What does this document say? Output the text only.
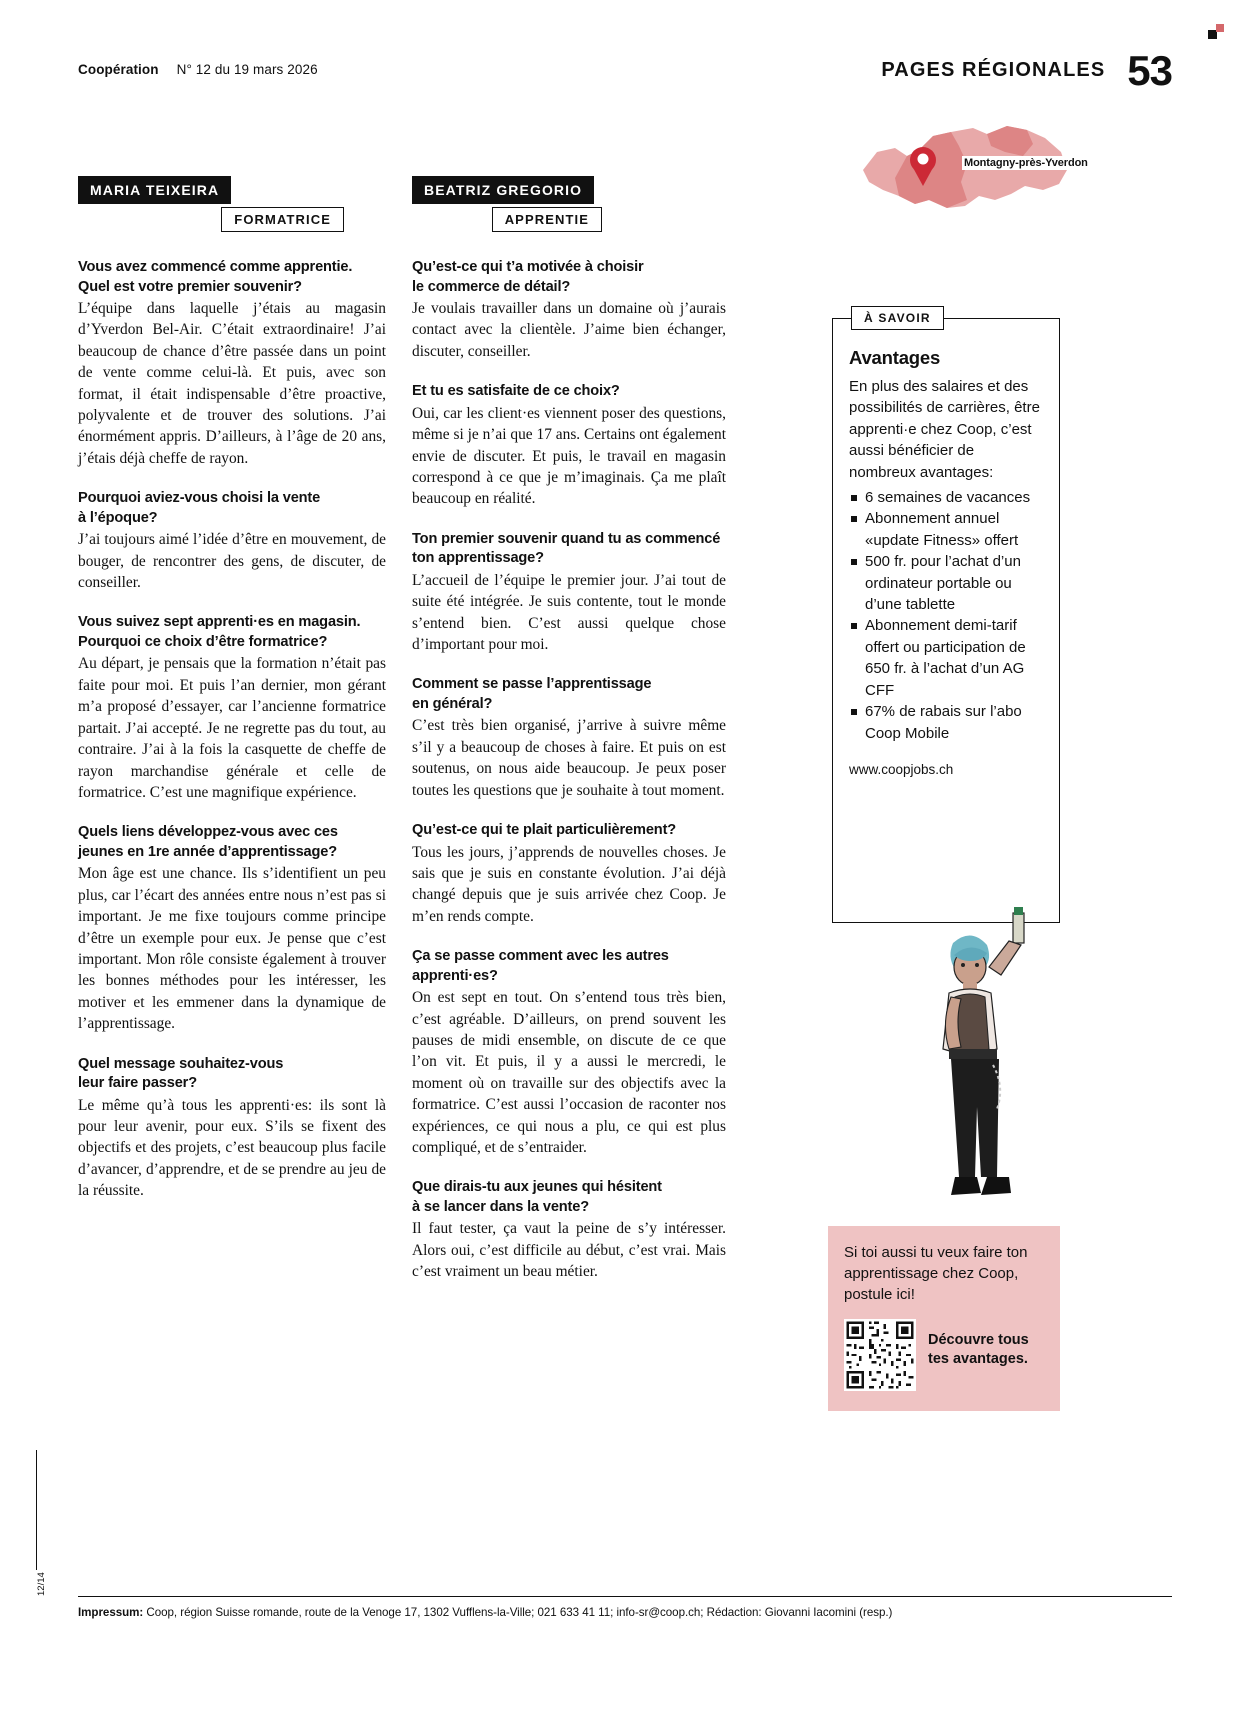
Coopération N° 12 du 19 mars 2026	PAGES RÉGIONALES 53
Montagny-près-Yverdon
MARIA TEIXEIRA
FORMATRICE
BEATRIZ GREGORIO
APPRENTIE
Vous avez commencé comme apprentie.
Quel est votre premier souvenir?

L’équipe dans laquelle j’étais au magasin d’Yverdon Bel-Air. C’était extraordinaire! J’ai beaucoup de chance d’être passée dans un point de vente comme celui-là. Et puis, avec son format, il était indispensable d’être proactive, polyvalente et de trouver des solutions. J’ai énormément appris. D’ailleurs, à l’âge de 20 ans, j’étais déjà cheffe de rayon.

Pourquoi aviez-vous choisi la vente
à l’époque?

J’ai toujours aimé l’idée d’être en mouvement, de bouger, de rencontrer des gens, de discuter, de conseiller.

Vous suivez sept apprenti·es en magasin. Pourquoi ce choix d’être formatrice?

Au départ, je pensais que la formation n’était pas faite pour moi. Et puis l’an dernier, mon gérant m’a proposé d’essayer, car l’ancienne formatrice partait. J’ai accepté. Je ne regrette pas du tout, au contraire. J’ai à la fois la casquette de cheffe de rayon marchandise générale et celle de formatrice. C’est une magnifique expérience.

Quels liens développez-vous avec ces jeunes en 1re année d’apprentissage?

Mon âge est une chance. Ils s’identifient un peu plus, car l’écart des années entre nous n’est pas si important. Je me fixe toujours comme principe d’être un exemple pour eux. Je pense que c’est important. Mon rôle consiste également à trouver les bonnes méthodes pour les intéresser, les motiver et les emmener dans la dynamique de l’apprentissage.

Quel message souhaitez-vous
leur faire passer?

Le même qu’à tous les apprenti·es: ils sont là pour leur avenir, pour eux. S’ils se fixent des objectifs et des projets, c’est beaucoup plus facile d’avancer, d’apprendre, et de se prendre au jeu de la réussite.

Qu’est-ce qui t’a motivée à choisir
le commerce de détail?

Je voulais travailler dans un domaine où j’aurais contact avec la clientèle. J’aime bien échanger, discuter, conseiller.

Et tu es satisfaite de ce choix?

Oui, car les client·es viennent poser des questions, même si je n’ai que 17 ans. Certains ont également envie de discuter. Et puis, le travail en magasin correspond à ce que je m’imaginais. Ça me plaît beaucoup en réalité.

Ton premier souvenir quand tu as commencé ton apprentissage?

L’accueil de l’équipe le premier jour. J’ai tout de suite été intégrée. Je suis contente, tout le monde s’entend bien. C’est aussi quelque chose d’important pour moi.

Comment se passe l’apprentissage
en général?

C’est très bien organisé, j’arrive à suivre même s’il y a beaucoup de choses à faire. Et puis on est soutenus, on nous aide beaucoup. Je peux poser toutes les questions que je souhaite à tout moment.

Qu’est-ce qui te plait particulièrement?

Tous les jours, j’apprends de nouvelles choses. Je sais que je suis en constante évolution. J’ai déjà changé depuis que je suis arrivée chez Coop. Je m’en rends compte.

Ça se passe comment avec les autres apprenti·es?

On est sept en tout. On s’entend tous très bien, c’est agréable. D’ailleurs, on prend souvent les pauses de midi ensemble, on discute de ce que l’on vit. Et puis, il y a aussi le mercredi, le moment où on travaille sur des objectifs avec la formatrice. C’est aussi l’occasion de raconter nos expériences, ce qui nous a plu, ce qui est plus compliqué, et de s’entraider.

Que dirais-tu aux jeunes qui hésitent
à se lancer dans la vente?

Il faut tester, ça vaut la peine de s’y intéresser. Alors oui, c’est difficile au début, c’est vrai. Mais c’est vraiment un beau métier.

À SAVOIR
Avantages

En plus des salaires et des possibilités de carrières, être apprenti·e chez Coop, c’est aussi bénéficier de nombreux avantages:

6 semaines de vacances
Abonnement annuel «update Fitness» offert
500 fr. pour l’achat d’un ordinateur portable ou d’une tablette
Abonnement demi-tarif offert ou participation de 650 fr. à l’achat d’un AG CFF
67% de rabais sur l’abo Coop Mobile
www.coopjobs.ch

Si toi aussi tu veux faire ton apprentissage chez Coop, postule ici!

Découvre tous tes avantages.
12/14
Impressum: Coop, région Suisse romande, route de la Venoge 17, 1302 Vufflens-la-Ville; 021 633 41 11; info-sr@coop.ch; Rédaction: Giovanni Iacomini (resp.)
